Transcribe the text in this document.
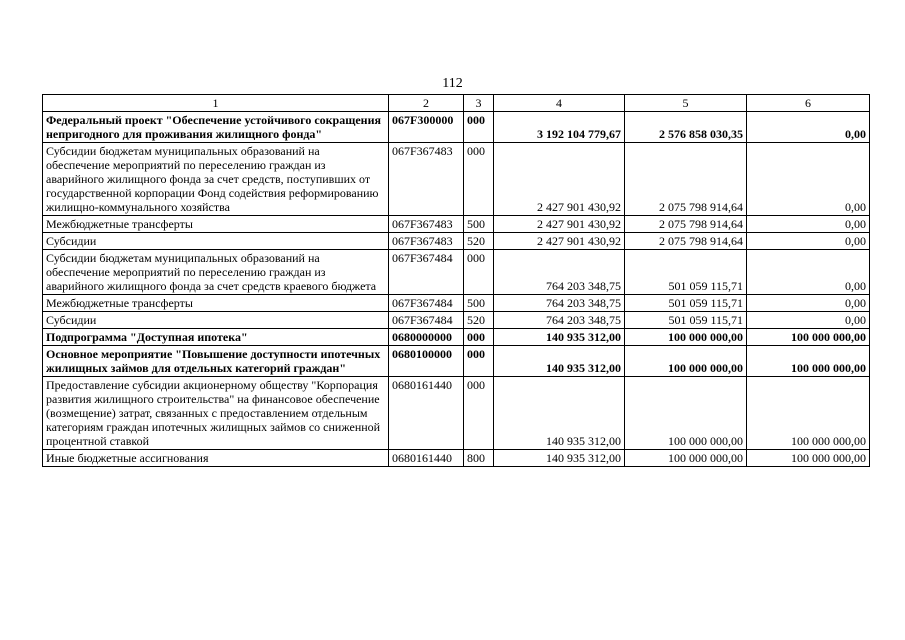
112
1	2	3	4	5	6
Федеральный проект "Обеспечение устойчивого сокращения непригодного для проживания жилищного фонда"	067F300000	000	3 192 104 779,67	2 576 858 030,35	0,00
Субсидии бюджетам муниципальных образований на обеспечение мероприятий по переселению граждан из аварийного жилищного фонда за счет средств, поступивших от государственной корпорации Фонд содействия реформированию жилищно-коммунального хозяйства	067F367483	000	2 427 901 430,92	2 075 798 914,64	0,00
Межбюджетные трансферты	067F367483	500	2 427 901 430,92	2 075 798 914,64	0,00
Субсидии	067F367483	520	2 427 901 430,92	2 075 798 914,64	0,00
Субсидии бюджетам муниципальных образований на обеспечение мероприятий по переселению граждан из аварийного жилищного фонда за счет средств краевого бюджета	067F367484	000	764 203 348,75	501 059 115,71	0,00
Межбюджетные трансферты	067F367484	500	764 203 348,75	501 059 115,71	0,00
Субсидии	067F367484	520	764 203 348,75	501 059 115,71	0,00
Подпрограмма "Доступная ипотека"	0680000000	000	140 935 312,00	100 000 000,00	100 000 000,00
Основное мероприятие "Повышение доступности ипотечных жилищных займов для отдельных категорий граждан"	0680100000	000	140 935 312,00	100 000 000,00	100 000 000,00
Предоставление субсидии акционерному обществу "Корпорация развития жилищного строительства" на финансовое обеспечение (возмещение) затрат, связанных с предоставлением отдельным категориям граждан ипотечных жилищных займов со сниженной процентной ставкой	0680161440	000	140 935 312,00	100 000 000,00	100 000 000,00
Иные бюджетные ассигнования	0680161440	800	140 935 312,00	100 000 000,00	100 000 000,00
